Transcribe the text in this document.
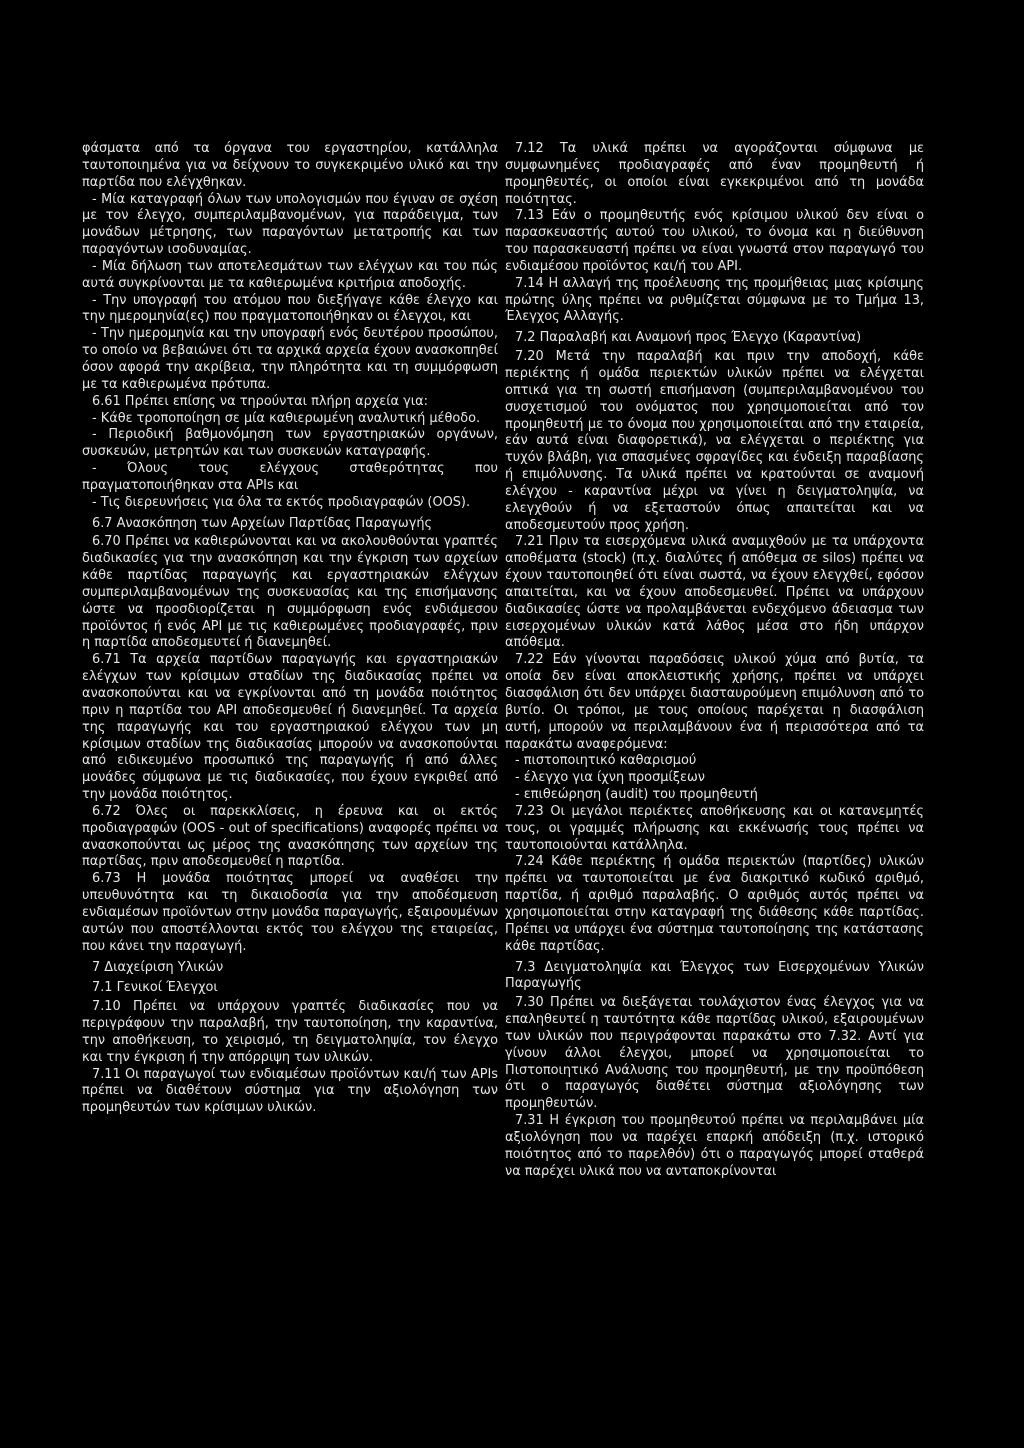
φάσματα από τα όργανα του εργαστηρίου, κατάλληλα ταυτοποιημένα για να δείχνουν το συγκεκριμένο υλικό και την παρτίδα που ελέγχθηκαν.

- Μία καταγραφή όλων των υπολογισμών που έγιναν σε σχέση με τον έλεγχο, συμπεριλαμβανομένων, για παράδειγμα, των μονάδων μέτρησης, των παραγόντων μετατροπής και των παραγόντων ισοδυναμίας.

- Μία δήλωση των αποτελεσμάτων των ελέγχων και του πώς αυτά συγκρίνονται με τα καθιερωμένα κριτήρια αποδοχής.

- Την υπογραφή του ατόμου που διεξήγαγε κάθε έλεγχο και την ημερομηνία(ες) που πραγματοποιήθηκαν οι έλεγχοι, και

- Την ημερομηνία και την υπογραφή ενός δευτέρου προσώπου, το οποίο να βεβαιώνει ότι τα αρχικά αρχεία έχουν ανασκοπηθεί όσον αφορά την ακρίβεια, την πληρότητα και τη συμμόρφωση με τα καθιερωμένα πρότυπα.

6.61 Πρέπει επίσης να τηρούνται πλήρη αρχεία για:

- Κάθε τροποποίηση σε μία καθιερωμένη αναλυτική μέθοδο.

- Περιοδική βαθμονόμηση των εργαστηριακών οργάνων, συσκευών, μετρητών και των συσκευών καταγραφής.

- Όλους τους ελέγχους σταθερότητας που πραγματοποιήθηκαν στα APIs και

- Τις διερευνήσεις για όλα τα εκτός προδιαγραφών (OOS).

6.7 Ανασκόπηση των Αρχείων Παρτίδας Παραγωγής

6.70 Πρέπει να καθιερώνονται και να ακολουθούνται γραπτές διαδικασίες για την ανασκόπηση και την έγκριση των αρχείων κάθε παρτίδας παραγωγής και εργαστηριακών ελέγχων συμπεριλαμβανομένων της συσκευασίας και της επισήμανσης ώστε να προσδιορίζεται η συμμόρφωση ενός ενδιάμεσου προϊόντος ή ενός API με τις καθιερωμένες προδιαγραφές, πριν η παρτίδα αποδεσμευτεί ή διανεμηθεί.

6.71 Τα αρχεία παρτίδων παραγωγής και εργαστηριακών ελέγχων των κρίσιμων σταδίων της διαδικασίας πρέπει να ανασκοπούνται και να εγκρίνονται από τη μονάδα ποιότητος πριν η παρτίδα του API αποδεσμευθεί ή διανεμηθεί. Τα αρχεία της παραγωγής και του εργαστηριακού ελέγχου των μη κρίσιμων σταδίων της διαδικασίας μπορούν να ανασκοπούνται από ειδικευμένο προσωπικό της παραγωγής ή από άλλες μονάδες σύμφωνα με τις διαδικασίες, που έχουν εγκριθεί από την μονάδα ποιότητος.

6.72 Όλες οι παρεκκλίσεις, η έρευνα και οι εκτός προδιαγραφών (OOS - out of specifications) αναφορές πρέπει να ανασκοπούνται ως μέρος της ανασκόπησης των αρχείων της παρτίδας, πριν αποδεσμευθεί η παρτίδα.

6.73 Η μονάδα ποιότητας μπορεί να αναθέσει την υπευθυνότητα και τη δικαιοδοσία για την αποδέσμευση ενδιαμέσων προϊόντων στην μονάδα παραγωγής, εξαιρουμένων αυτών που αποστέλλονται εκτός του ελέγχου της εταιρείας, που κάνει την παραγωγή.

7 Διαχείριση Υλικών

7.1 Γενικοί Έλεγχοι

7.10 Πρέπει να υπάρχουν γραπτές διαδικασίες που να περιγράφουν την παραλαβή, την ταυτοποίηση, την καραντίνα, την αποθήκευση, το χειρισμό, τη δειγματοληψία, τον έλεγχο και την έγκριση ή την απόρριψη των υλικών.

7.11 Οι παραγωγοί των ενδιαμέσων προϊόντων και/ή των APIs πρέπει να διαθέτουν σύστημα για την αξιολόγηση των προμηθευτών των κρίσιμων υλικών.

7.12 Τα υλικά πρέπει να αγοράζονται σύμφωνα με συμφωνημένες προδιαγραφές από έναν προμηθευτή ή προμηθευτές, οι οποίοι είναι εγκεκριμένοι από τη μονάδα ποιότητας.

7.13 Εάν ο προμηθευτής ενός κρίσιμου υλικού δεν είναι ο παρασκευαστής αυτού του υλικού, το όνομα και η διεύθυνση του παρασκευαστή πρέπει να είναι γνωστά στον παραγωγό του ενδιαμέσου προϊόντος και/ή του API.

7.14 Η αλλαγή της προέλευσης της προμήθειας μιας κρίσιμης πρώτης ύλης πρέπει να ρυθμίζεται σύμφωνα με το Τμήμα 13, Έλεγχος Αλλαγής.

7.2 Παραλαβή και Αναμονή προς Έλεγχο (Καραντίνα)

7.20 Μετά την παραλαβή και πριν την αποδοχή, κάθε περιέκτης ή ομάδα περιεκτών υλικών πρέπει να ελέγχεται οπτικά για τη σωστή επισήμανση (συμπεριλαμβανομένου του συσχετισμού του ονόματος που χρησιμοποιείται από τον προμηθευτή με το όνομα που χρησιμοποιείται από την εταιρεία, εάν αυτά είναι διαφορετικά), να ελέγχεται ο περιέκτης για τυχόν βλάβη, για σπασμένες σφραγίδες και ένδειξη παραβίασης ή επιμόλυνσης. Τα υλικά πρέπει να κρατούνται σε αναμονή ελέγχου - καραντίνα μέχρι να γίνει η δειγματοληψία, να ελεγχθούν ή να εξεταστούν όπως απαιτείται και να αποδεσμευτούν προς χρήση.

7.21 Πριν τα εισερχόμενα υλικά αναμιχθούν με τα υπάρχοντα αποθέματα (stock) (π.χ. διαλύτες ή απόθεμα σε silos) πρέπει να έχουν ταυτοποιηθεί ότι είναι σωστά, να έχουν ελεγχθεί, εφόσον απαιτείται, και να έχουν αποδεσμευθεί. Πρέπει να υπάρχουν διαδικασίες ώστε να προλαμβάνεται ενδεχόμενο άδειασμα των εισερχομένων υλικών κατά λάθος μέσα στο ήδη υπάρχον απόθεμα.

7.22 Εάν γίνονται παραδόσεις υλικού χύμα από βυτία, τα οποία δεν είναι αποκλειστικής χρήσης, πρέπει να υπάρχει διασφάλιση ότι δεν υπάρχει διασταυρούμενη επιμόλυνση από το βυτίο. Οι τρόποι, με τους οποίους παρέχεται η διασφάλιση αυτή, μπορούν να περιλαμβάνουν ένα ή περισσότερα από τα παρακάτω αναφερόμενα:

- πιστοποιητικό καθαρισμού

- έλεγχο για ίχνη προσμίξεων

- επιθεώρηση (audit) του προμηθευτή

7.23 Οι μεγάλοι περιέκτες αποθήκευσης και οι κατανεμητές τους, οι γραμμές πλήρωσης και εκκένωσής τους πρέπει να ταυτοποιούνται κατάλληλα.

7.24 Κάθε περιέκτης ή ομάδα περιεκτών (παρτίδες) υλικών πρέπει να ταυτοποιείται με ένα διακριτικό κωδικό αριθμό, παρτίδα, ή αριθμό παραλαβής. Ο αριθμός αυτός πρέπει να χρησιμοποιείται στην καταγραφή της διάθεσης κάθε παρτίδας. Πρέπει να υπάρχει ένα σύστημα ταυτοποίησης της κατάστασης κάθε παρτίδας.

7.3 Δειγματοληψία και Έλεγχος των Εισερχομένων Υλικών Παραγωγής

7.30 Πρέπει να διεξάγεται τουλάχιστον ένας έλεγχος για να επαληθευτεί η ταυτότητα κάθε παρτίδας υλικού, εξαιρουμένων των υλικών που περιγράφονται παρακάτω στο 7.32. Αντί για γίνουν άλλοι έλεγχοι, μπορεί να χρησιμοποιείται το Πιστοποιητικό Ανάλυσης του προμηθευτή, με την προϋπόθεση ότι ο παραγωγός διαθέτει σύστημα αξιολόγησης των προμηθευτών.

7.31 Η έγκριση του προμηθευτού πρέπει να περιλαμβάνει μία αξιολόγηση που να παρέχει επαρκή απόδειξη (π.χ. ιστορικό ποιότητος από το παρελθόν) ότι ο παραγωγός μπορεί σταθερά να παρέχει υλικά που να ανταποκρίνονται
